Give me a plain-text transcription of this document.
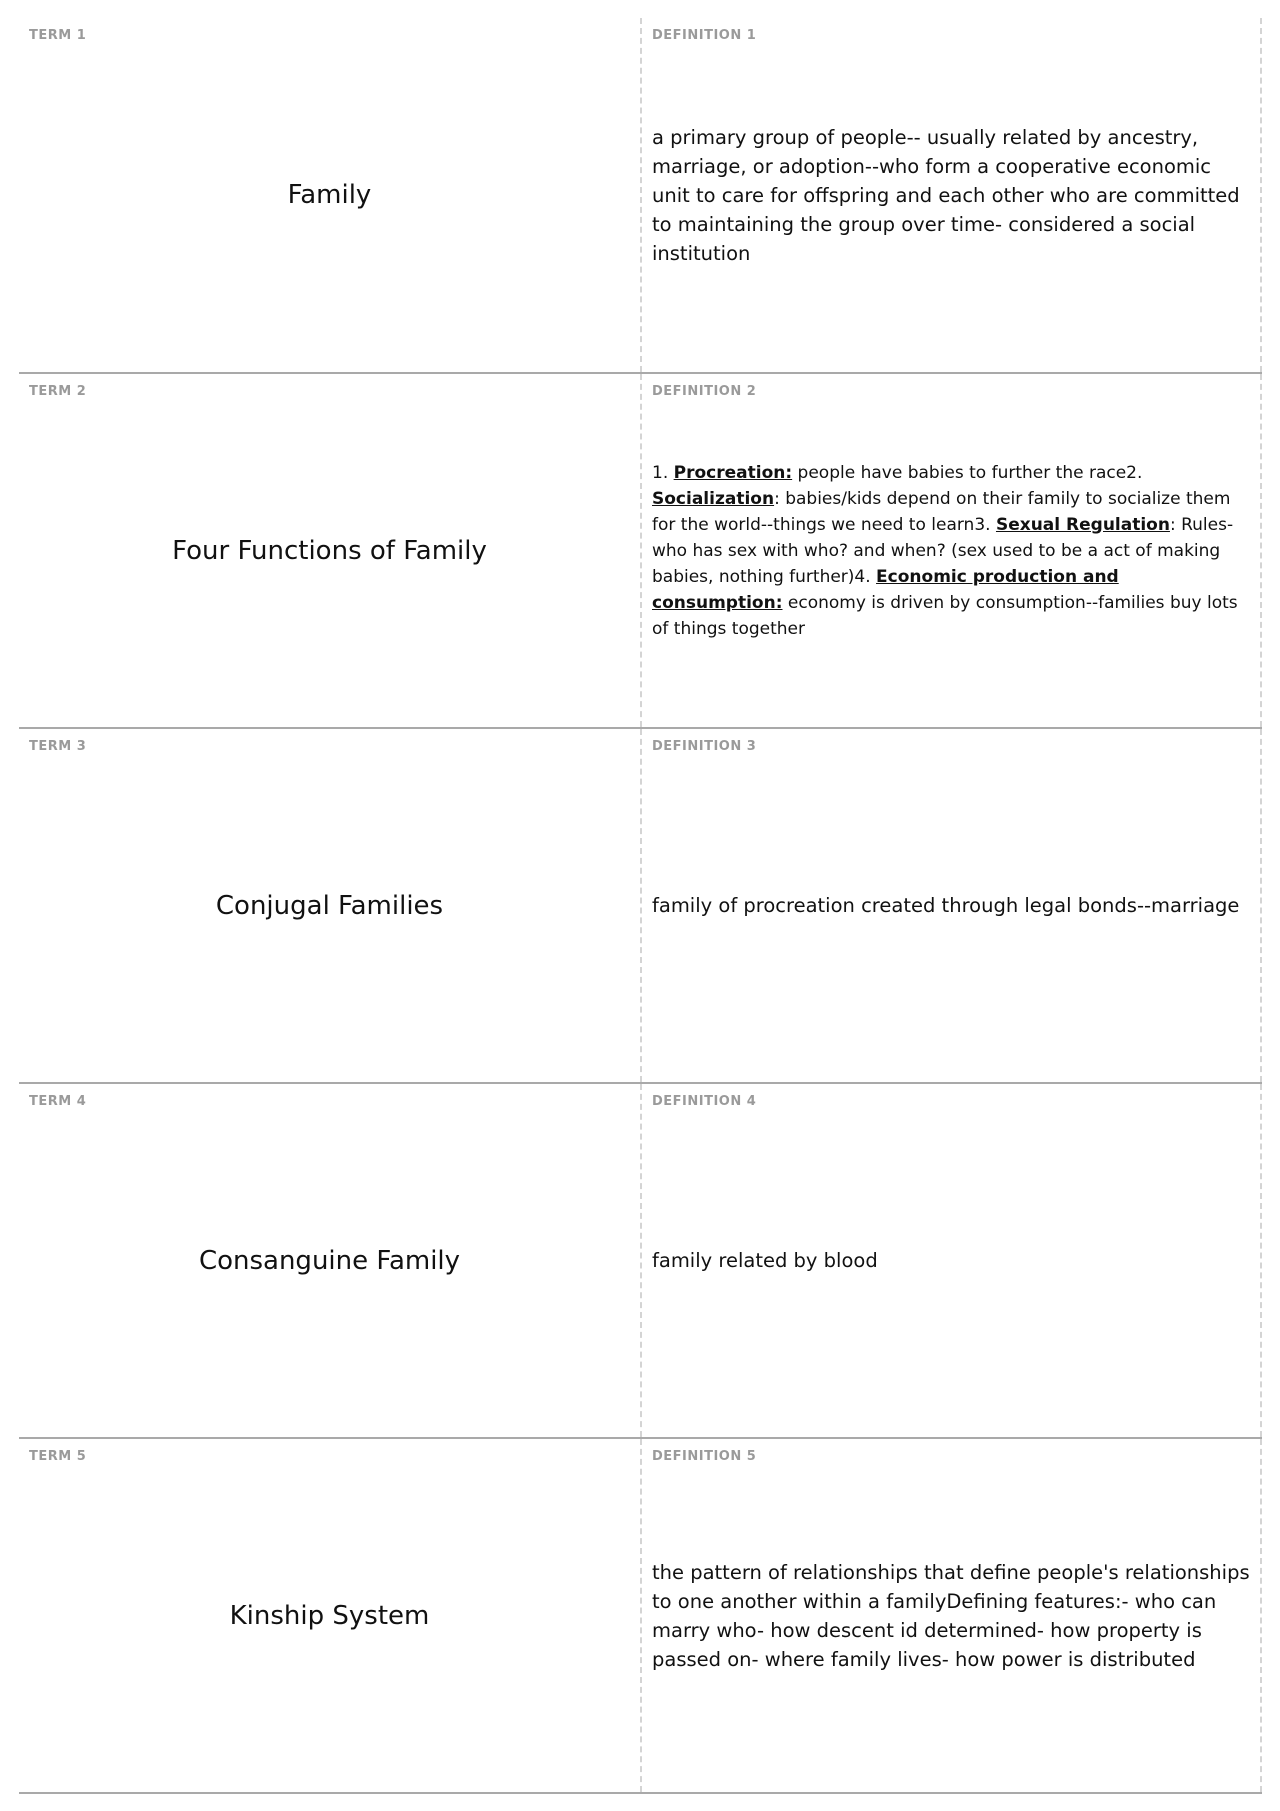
TERM 1
Family
DEFINITION 1
a primary group of people-- usually related by ancestry, marriage, or adoption--who form a cooperative economic unit to care for offspring and each other who are committed to maintaining the group over time- considered a social institution
TERM 2
Four Functions of Family
DEFINITION 2
1. Procreation: people have babies to further the race2. Socialization: babies/kids depend on their family to socialize them for the world--things we need to learn3. Sexual Regulation: Rules- who has sex with who? and when? (sex used to be a act of making babies, nothing further)4. Economic production and consumption: economy is driven by consumption--families buy lots of things together
TERM 3
Conjugal Families
DEFINITION 3
family of procreation created through legal bonds--marriage
TERM 4
Consanguine Family
DEFINITION 4
family related by blood
TERM 5
Kinship System
DEFINITION 5
the pattern of relationships that define people's relationships to one another within a familyDefining features:- who can marry who- how descent id determined- how property is passed on- where family lives- how power is distributed
